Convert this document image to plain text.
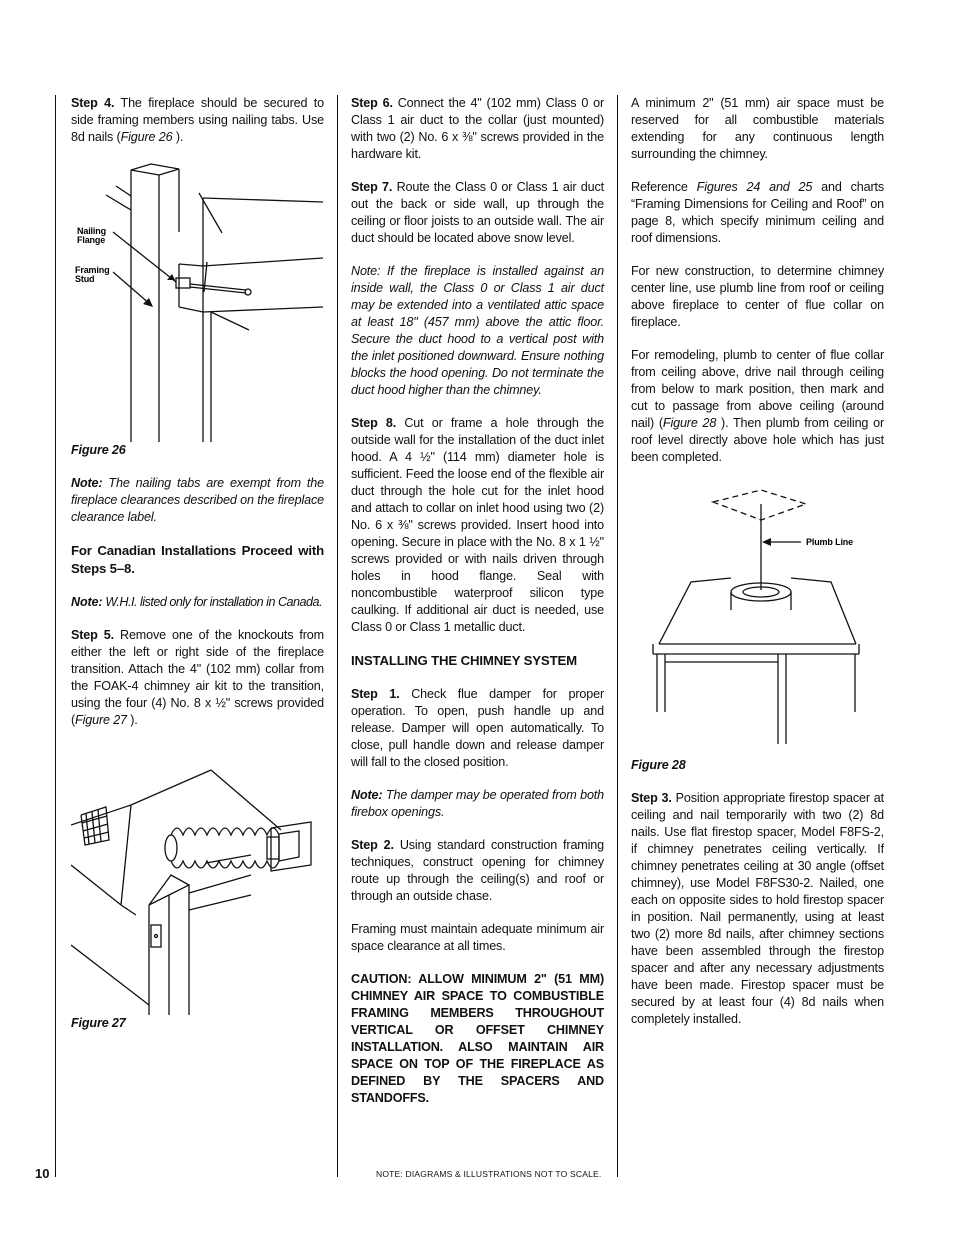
Step 4. The fireplace should be secured to side framing members using nailing tabs. Use 8d nails (Figure 26 ).

Nailing
Flange
Framing
Stud

Figure 26

Note: The nailing tabs are exempt from the fireplace clearances described on the fireplace clearance label.

For Canadian Installations Proceed with Steps 5–8.

Note: W.H.I. listed only for installation in Canada.

Step 5. Remove one of the knockouts from either the left or right side of the fireplace transition. Attach the 4" (102 mm) collar from the FOAK-4 chimney air kit to the transition, using the four (4) No. 8 x ½" screws provided (Figure 27 ).

Figure 27

Step 6. Connect the 4" (102 mm) Class 0 or Class 1 air duct to the collar (just mounted) with two (2) No. 6 x ⅜" screws provided in the hardware kit.

Step 7. Route the Class 0 or Class 1 air duct out the back or side wall, up through the ceiling or floor joists to an outside wall. The air duct should be located above snow level.

Note: If the fireplace is installed against an inside wall, the Class 0 or Class 1 air duct may be extended into a ventilated attic space at least 18" (457 mm) above the attic floor. Secure the duct hood to a vertical post with the inlet positioned downward. Ensure nothing blocks the hood opening. Do not terminate the duct hood higher than the chimney.

Step 8. Cut or frame a hole through the outside wall for the installation of the duct inlet hood. A 4 ½" (114 mm) diameter hole is sufficient. Feed the loose end of the flexible air duct through the hole cut for the inlet hood and attach to collar on inlet hood using two (2) No. 6 x ⅜" screws provided. Insert hood into opening. Secure in place with the No. 8 x 1 ½" screws provided or with nails driven through holes in hood flange. Seal with noncombustible waterproof silicon type caulking. If additional air duct is needed, use Class 0 or Class 1 metallic duct.

INSTALLING THE CHIMNEY SYSTEM

Step 1. Check flue damper for proper operation. To open, push handle up and release. Damper will open automatically. To close, pull handle down and release damper will fall to the closed position.

Note: The damper may be operated from both firebox openings.

Step 2. Using standard construction framing techniques, construct opening for chimney route up through the ceiling(s) and roof or through an outside chase.

Framing must maintain adequate minimum air space clearance at all times.

CAUTION: ALLOW MINIMUM 2" (51 MM) CHIMNEY AIR SPACE TO COMBUSTIBLE FRAMING MEMBERS THROUGHOUT VERTICAL OR OFFSET CHIMNEY INSTALLATION. ALSO MAINTAIN AIR SPACE ON TOP OF THE FIREPLACE AS DEFINED BY THE SPACERS AND STANDOFFS.

A minimum 2" (51 mm) air space must be reserved for all combustible materials extending for any continuous length surrounding the chimney.

Reference Figures 24 and 25 and charts “Framing Dimensions for Ceiling and Roof” on page 8, which specify minimum ceiling and roof dimensions.

For new construction, to determine chimney center line, use plumb line from roof or ceiling above fireplace to center of flue collar on fireplace.

For remodeling, plumb to center of flue collar from ceiling above, drive nail through ceiling from below to mark position, then mark and cut to passage from above ceiling (around nail) (Figure 28 ). Then plumb from ceiling or roof level directly above hole which has just been completed.

Plumb Line

Figure 28

Step 3. Position appropriate firestop spacer at ceiling and nail temporarily with two (2) 8d nails. Use flat firestop spacer, Model F8FS-2, if chimney penetrates ceiling vertically. If chimney penetrates ceiling at 30 angle (offset chimney), use Model F8FS30-2. Nailed, one each on opposite sides to hold firestop spacer in position. Nail permanently, using at least two (2) more 8d nails, after chimney sections have been assembled through the firestop spacer and after any necessary adjustments have been made. Firestop spacer must be secured by at least four (4) 8d nails when completely installed.

10	NOTE: DIAGRAMS & ILLUSTRATIONS NOT TO SCALE.
